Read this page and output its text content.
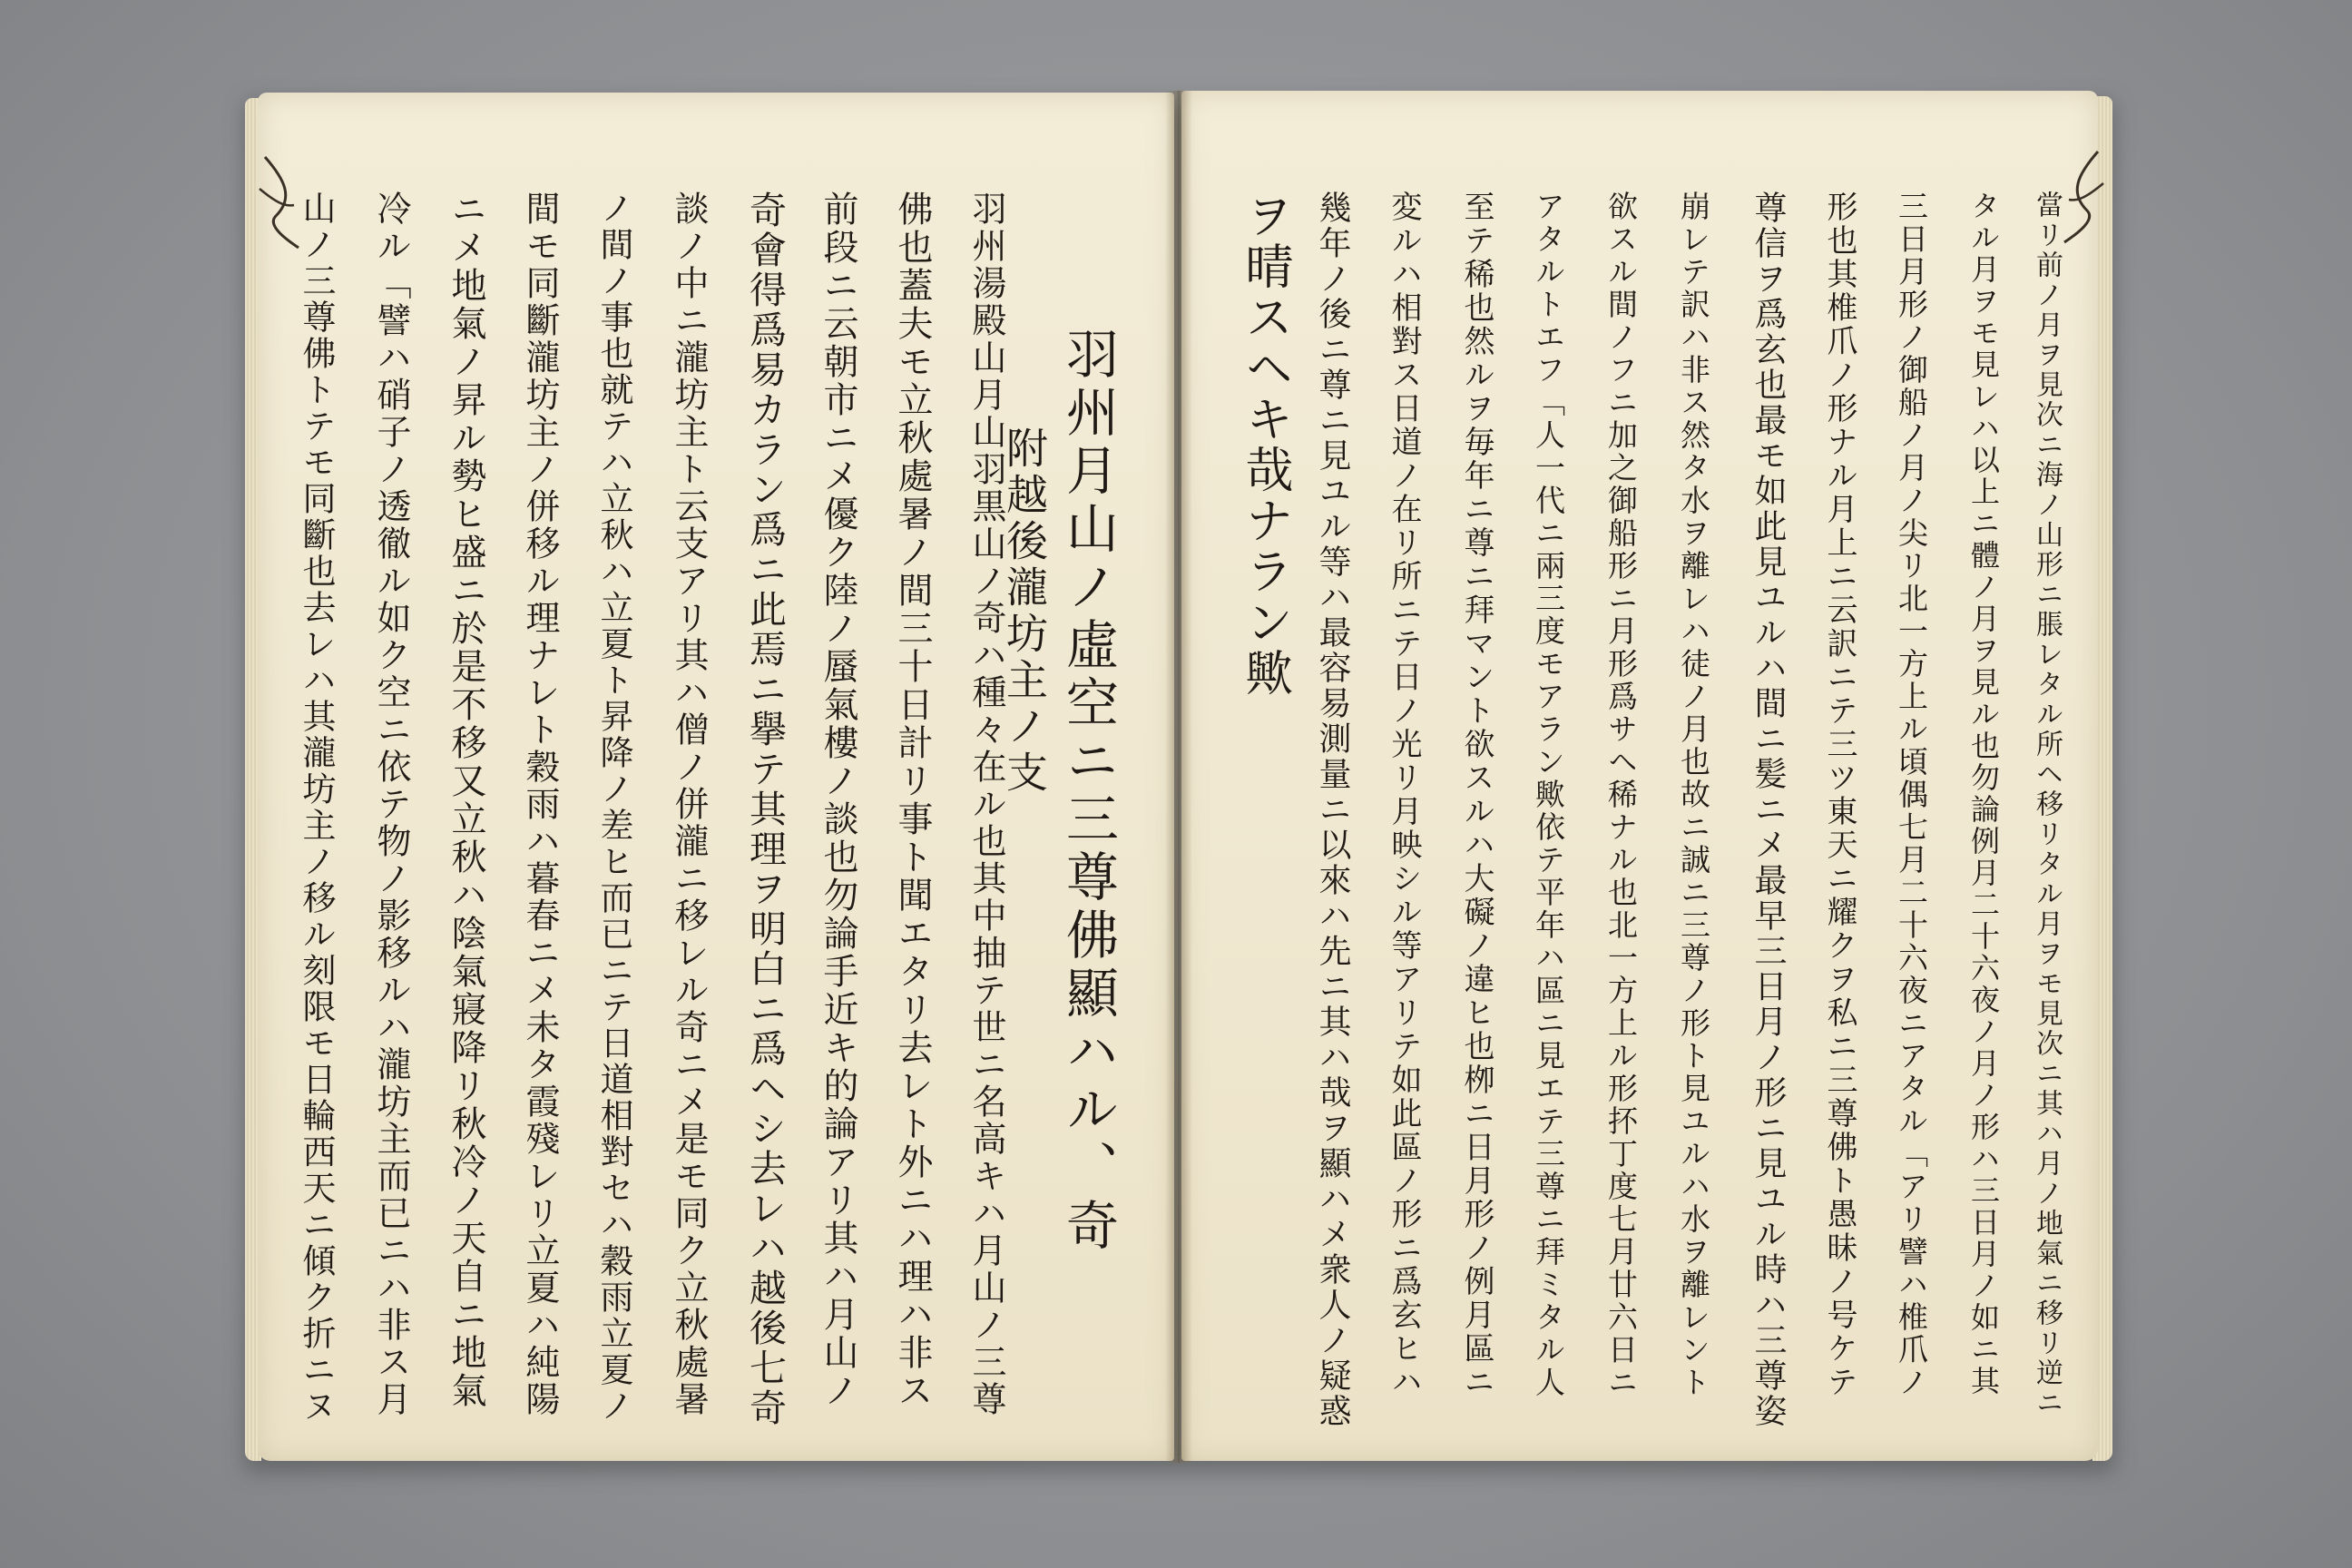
山ノ三尊佛トテモ同斷也去レハ其瀧坊主ノ移ル刻限モ日輪西天ニ傾ク折ニヌ 冷ル「譬ハ硝子ノ透徹ル如ク空ニ依テ物ノ影移ルハ瀧坊主而已ニハ非ス月 ニメ地氣ノ昇ル勢ヒ盛ニ於是不移又立秋ハ陰氣寢降リ秋冷ノ天自ニ地氣 間モ同斷瀧坊主ノ併移ル理ナレト穀雨ハ暮春ニメ未タ霞殘レリ立夏ハ純陽 ノ間ノ事也就テハ立秋ハ立夏ト昇降ノ差ヒ而已ニテ日道相對セハ穀雨立夏ノ 談ノ中ニ瀧坊主ト云支アリ其ハ僧ノ併瀧ニ移レル奇ニメ是モ同ク立秋處暑 奇會得爲易カラン爲ニ此焉ニ擧テ其理ヲ明白ニ爲ヘシ去レハ越後七奇 前段ニ云朝市ニメ優ク陸ノ蜃氣樓ノ談也勿論手近キ的論アリ其ハ月山ノ 佛也蓋夫モ立秋處暑ノ間三十日計リ事ト聞エタリ去レト外ニハ理ハ非ス 羽州湯殿山月山羽黒山ノ奇ハ種々在ル也其中抽テ世ニ名高キハ月山ノ三尊
附越後瀧坊主ノ支 羽州月山ノ虛空ニ三尊佛顯ハル、奇 ヲ晴スヘキ哉ナラン歟 幾年ノ後ニ尊ニ見ユル等ハ最容易測量ニ以來ハ先ニ其ハ哉ヲ顯ハメ衆人ノ疑惑 変ルハ相對ス日道ノ在リ所ニテ日ノ光リ月映シル等アリテ如此區ノ形ニ爲玄ヒハ 至テ稀也然ルヲ毎年ニ尊ニ拜マント欲スルハ大礙ノ違ヒ也栁ニ日月形ノ例月區ニ アタルトエフ「人一代ニ兩三度モアラン歟依テ平年ハ區ニ見エテ三尊ニ拜ミタル人 欲スル間ノフニ加之御船形ニ月形爲サヘ稀ナル也北一方上ル形抔丁度七月廿六日ニ 崩レテ訳ハ非ス然タ水ヲ離レハ徒ノ月也故ニ誠ニ三尊ノ形ト見ユルハ水ヲ離レント 尊信ヲ爲玄也最モ如此見ユルハ間ニ髪ニメ最早三日月ノ形ニ見ユル時ハ三尊姿 形也其椎爪ノ形ナル月上ニ云訳ニテ三ツ東天ニ耀クヲ私ニ三尊佛ト愚昧ノ号ケテ 三日月形ノ御船ノ月ノ尖リ北一方上ル頃偶七月二十六夜ニアタル「アリ譬ハ椎爪ノ タル月ヲモ見レハ以上ニ體ノ月ヲ見ル也勿論例月二十六夜ノ月ノ形ハ三日月ノ如ニ其 當リ前ノ月ヲ見次ニ海ノ山形ニ脹レタル所ヘ移リタル月ヲモ見次ニ其ハ月ノ地氣ニ移リ逆ニ
